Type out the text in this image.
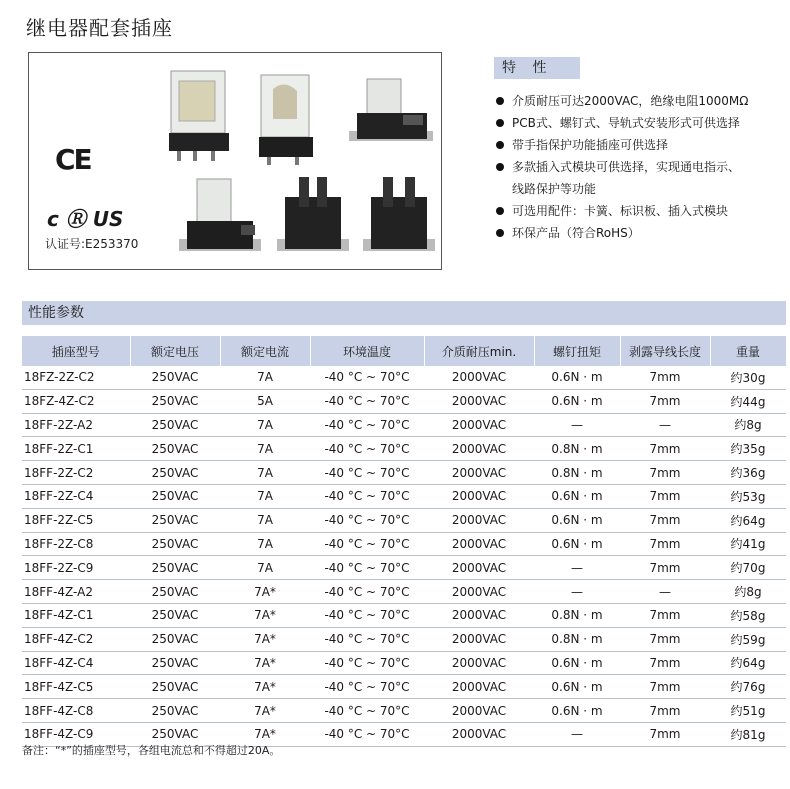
继电器配套插座
CE
c Ⓡ US
认证号:E253370
特 性
介质耐压可达2000VAC，绝缘电阻1000MΩ
PCB式、螺钉式、导轨式安装形式可供选择
带手指保护功能插座可供选择
多款插入式模块可供选择，实现通电指示、
线路保护等功能
可选用配件：卡簧、标识板、插入式模块
环保产品（符合RoHS）
性能参数
插座型号	额定电压	额定电流	环境温度	介质耐压min.	螺钉扭矩	剥露导线长度	重量
18FZ-2Z-C2	250VAC	7A	-40 °C ~ 70°C	2000VAC	0.6N · m	7mm	约30g
18FZ-4Z-C2	250VAC	5A	-40 °C ~ 70°C	2000VAC	0.6N · m	7mm	约44g
18FF-2Z-A2	250VAC	7A	-40 °C ~ 70°C	2000VAC	—	—	约8g
18FF-2Z-C1	250VAC	7A	-40 °C ~ 70°C	2000VAC	0.8N · m	7mm	约35g
18FF-2Z-C2	250VAC	7A	-40 °C ~ 70°C	2000VAC	0.8N · m	7mm	约36g
18FF-2Z-C4	250VAC	7A	-40 °C ~ 70°C	2000VAC	0.6N · m	7mm	约53g
18FF-2Z-C5	250VAC	7A	-40 °C ~ 70°C	2000VAC	0.6N · m	7mm	约64g
18FF-2Z-C8	250VAC	7A	-40 °C ~ 70°C	2000VAC	0.6N · m	7mm	约41g
18FF-2Z-C9	250VAC	7A	-40 °C ~ 70°C	2000VAC	—	7mm	约70g
18FF-4Z-A2	250VAC	7A*	-40 °C ~ 70°C	2000VAC	—	—	约8g
18FF-4Z-C1	250VAC	7A*	-40 °C ~ 70°C	2000VAC	0.8N · m	7mm	约58g
18FF-4Z-C2	250VAC	7A*	-40 °C ~ 70°C	2000VAC	0.8N · m	7mm	约59g
18FF-4Z-C4	250VAC	7A*	-40 °C ~ 70°C	2000VAC	0.6N · m	7mm	约64g
18FF-4Z-C5	250VAC	7A*	-40 °C ~ 70°C	2000VAC	0.6N · m	7mm	约76g
18FF-4Z-C8	250VAC	7A*	-40 °C ~ 70°C	2000VAC	0.6N · m	7mm	约51g
18FF-4Z-C9	250VAC	7A*	-40 °C ~ 70°C	2000VAC	—	7mm	约81g
备注：“*”的插座型号，各组电流总和不得超过20A。
